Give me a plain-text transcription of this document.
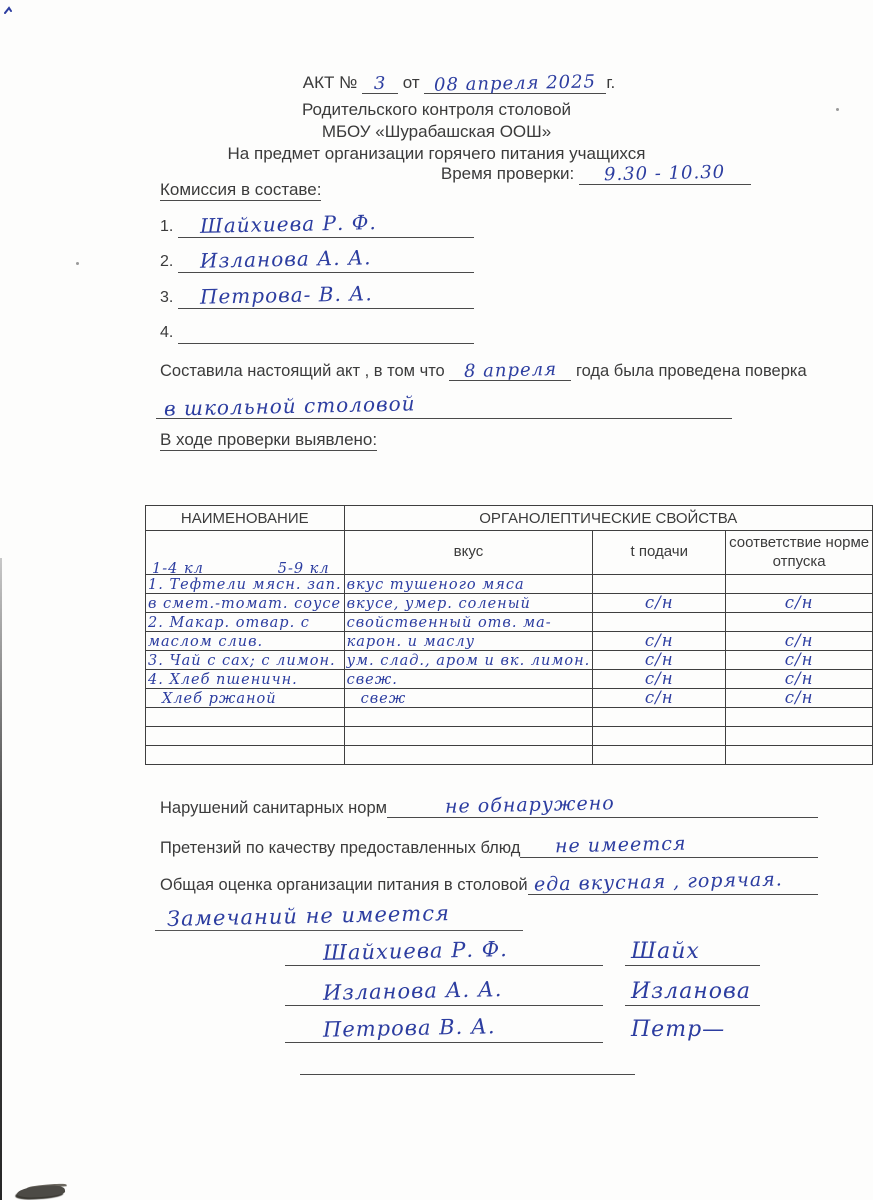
АКТ № 3 от 08 апреля 2025 г.
Родительского контроля столовой
МБОУ «Шурабашская ООШ»
На предмет организации горячего питания учащихся
Время проверки: 9.30 - 10.30
Комиссия в составе:
1. Шайхиева Р. Ф.
2. Изланова А. А.
3. Петрова- В. А.
4.
Составила настоящий акт , в том что 8 апреля года была проведена поверка
в школьной столовой
В ходе проверки выявлено:
НАИМЕНОВАНИЕ	ОРГАНОЛЕПТИЧЕСКИЕ СВОЙСТВА		

1-4 кл 5-9 кл	вкус	t подачи	соответствие норме отпуска
1. Тефтели мясн. зап.	вкус тушеного мяса		
в смет.-томат. соусе	вкусе, умер. соленый	с/н	с/н
2. Макар. отвар. с	свойственный отв. ма-		
маслом слив.	карон. и маслу	с/н	с/н
3. Чай с сах; с лимон.	ум. слад., аром и вк. лимон.	с/н	с/н
4. Хлеб пшеничн.	свеж.	с/н	с/н
Хлеб ржаной	свеж	с/н	с/н

Нарушений санитарных норм	не обнаружено
Претензий по качеству предоставленных блюд не имеется
Общая оценка организации питания в столовой еда вкусная , горячая.
Замечаний не имеется
Шайхиева Р. Ф.	Шайх
Изланова А. А.	Изланова
Петрова В. А.	Петр—
